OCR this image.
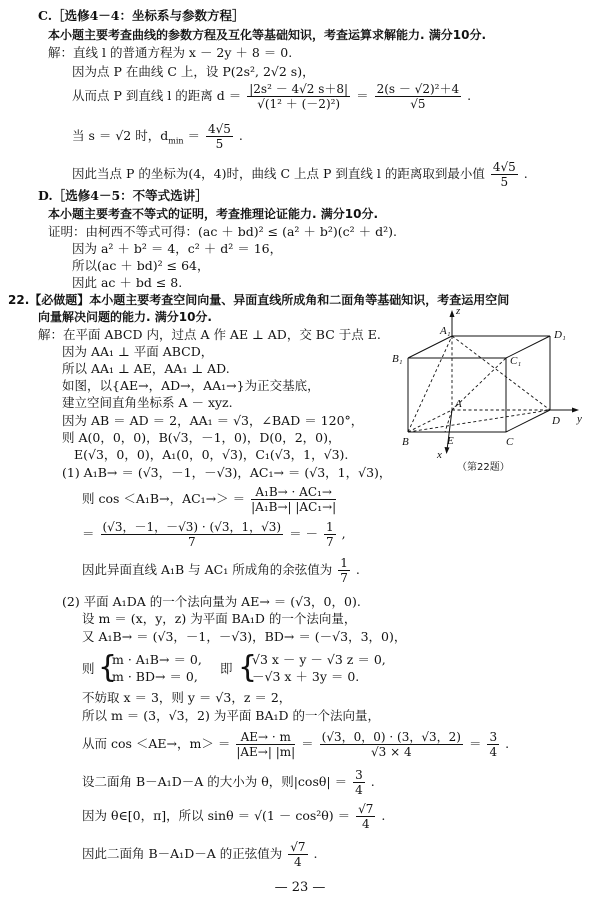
C.［选修4－4：坐标系与参数方程］
本小题主要考查曲线的参数方程及互化等基础知识，考查运算求解能力. 满分10分.
解：直线 l 的普通方程为 x － 2y ＋ 8 ＝ 0.
因为点 P 在曲线 C 上，设 P(2s², 2√2 s)，
从而点 P 到直线 l 的距离 $d = \frac{\text{|2s² － 4√2 s＋8|}}{\text{√(1² ＋ (－2)²)}} = \frac{\text{2(s － √2)²＋4}}{√5}$ .
当 s ＝ √2 时，$d_{min} = \frac{4√5}{5}$ .
因此当点 P 的坐标为(4，4)时，曲线 C 上点 P 到直线 l 的距离取到最小值 $\frac{4√5}{5}$ .
D.［选修4－5：不等式选讲］
本小题主要考查不等式的证明，考查推理论证能力. 满分10分.
证明：由柯西不等式可得：(ac ＋ bd)² ≤ (a² ＋ b²)(c² ＋ d²).
因为 a² ＋ b² ＝ 4，c² ＋ d² ＝ 16，
所以(ac ＋ bd)² ≤ 64，
因此 ac ＋ bd ≤ 8.
22.【必做题】本小题主要考查空间向量、异面直线所成角和二面角等基础知识，考查运用空间
向量解决问题的能力. 满分10分.
解：在平面 ABCD 内，过点 A 作 AE ⊥ AD，交 BC 于点 E.
因为 AA₁ ⊥ 平面 ABCD，
所以 AA₁ ⊥ AE，AA₁ ⊥ AD.
如图，以{AE→，AD→，AA₁→}为正交基底，
建立空间直角坐标系 A － xyz.
因为 AB ＝ AD ＝ 2，AA₁ ＝ √3，∠BAD ＝ 120°，
则 A(0，0，0)，B(√3，－1，0)，D(0，2，0)，
E(√3，0，0)，A₁(0，0，√3)，C₁(√3，1，√3).
(1) A₁B→ ＝ (√3，－1，－√3)，AC₁→ ＝ (√3，1，√3)，
则 cos ＜A₁B→，$AC_1\to> = \frac{\text{A₁B→ · AC₁→}}{\text{|A₁B→| |AC₁→|}}$
＝ $\frac{(√3,-1,-√3) \cdot (√3,1,√3)}{7}$ ＝ － $\frac{1}{7}$ ,
因此异面直线 A₁B 与 AC₁ 所成角的余弦值为 $\frac{1}{7}$ .
(2) 平面 A₁DA 的一个法向量为 AE→ ＝ (√3，0，0).
设 m ＝ (x，y，z) 为平面 BA₁D 的一个法向量，
又 A₁B→ ＝ (√3，－1，－√3)，BD→ ＝ (－√3，3，0)，
则 {
m · A₁B→ ＝ 0,
m · BD→ ＝ 0,
即 {
√3 x － y － √3 z ＝ 0,
－√3 x ＋ 3y ＝ 0.
不妨取 x ＝ 3，则 y ＝ √3，z ＝ 2，
所以 m ＝ (3，√3，2) 为平面 BA₁D 的一个法向量，
从而 cos ＜AE→，$m> = \frac{AE\to \cdot m}{|AE\to| |m|} = \frac{(√3,0,0) \cdot (3,√3,2)}{√3 \times 4} = \frac{3}{4}$ .
设二面角 B－A₁D－A 的大小为 θ，则$|\cos\theta| = \frac{3}{4}$ .
因为 θ∈[0，π]，所以 $\sin\theta = √(1 - \cos^2\theta) = \frac{√7}{4}$ .
因此二面角 B－A₁D－A 的正弦值为 $\frac{√7}{4}$ .
z
A₁	D₁
B₁	C₁
A
B	E	C
D y
x
（第22题）
— 23 —
